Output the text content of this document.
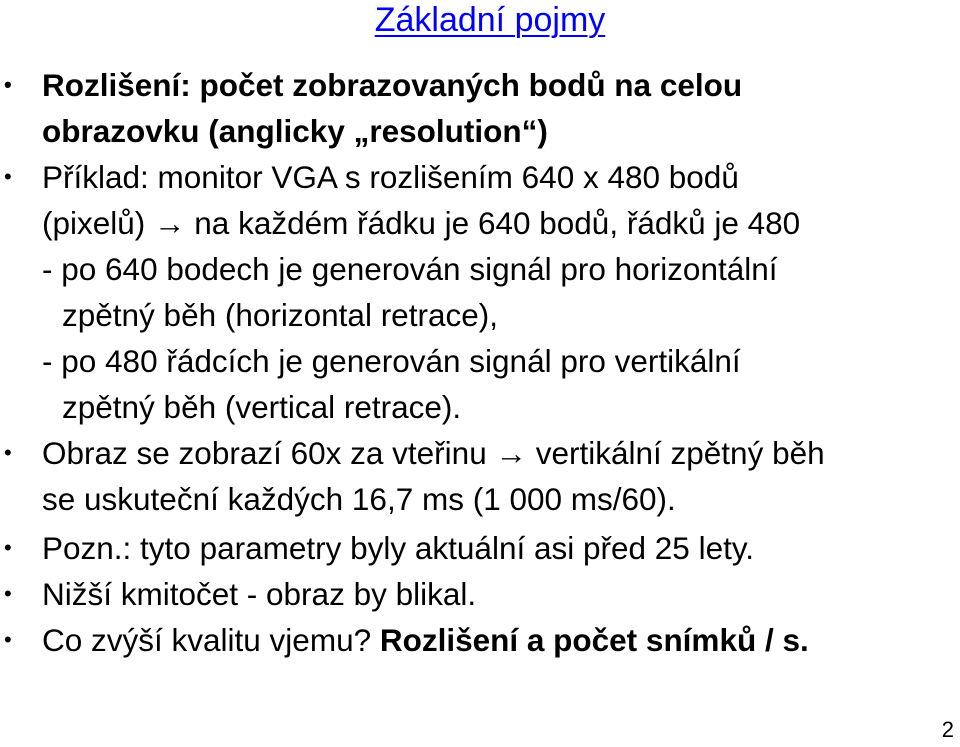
Základní pojmy
• Rozlišení: počet zobrazovaných bodů na celou
obrazovku (anglicky „resolution“)
• Příklad: monitor VGA s rozlišením 640 x 480 bodů
(pixelů) → na každém řádku je 640 bodů, řádků je 480
- po 640 bodech je generován signál pro horizontální
zpětný běh (horizontal retrace),
- po 480 řádcích je generován signál pro vertikální
zpětný běh (vertical retrace).
• Obraz se zobrazí 60x za vteřinu → vertikální zpětný běh
se uskuteční každých 16,7 ms (1 000 ms/60).
• Pozn.: tyto parametry byly aktuální asi před 25 lety.
• Nižší kmitočet - obraz by blikal.
• Co zvýší kvalitu vjemu? Rozlišení a počet snímků / s.
2
